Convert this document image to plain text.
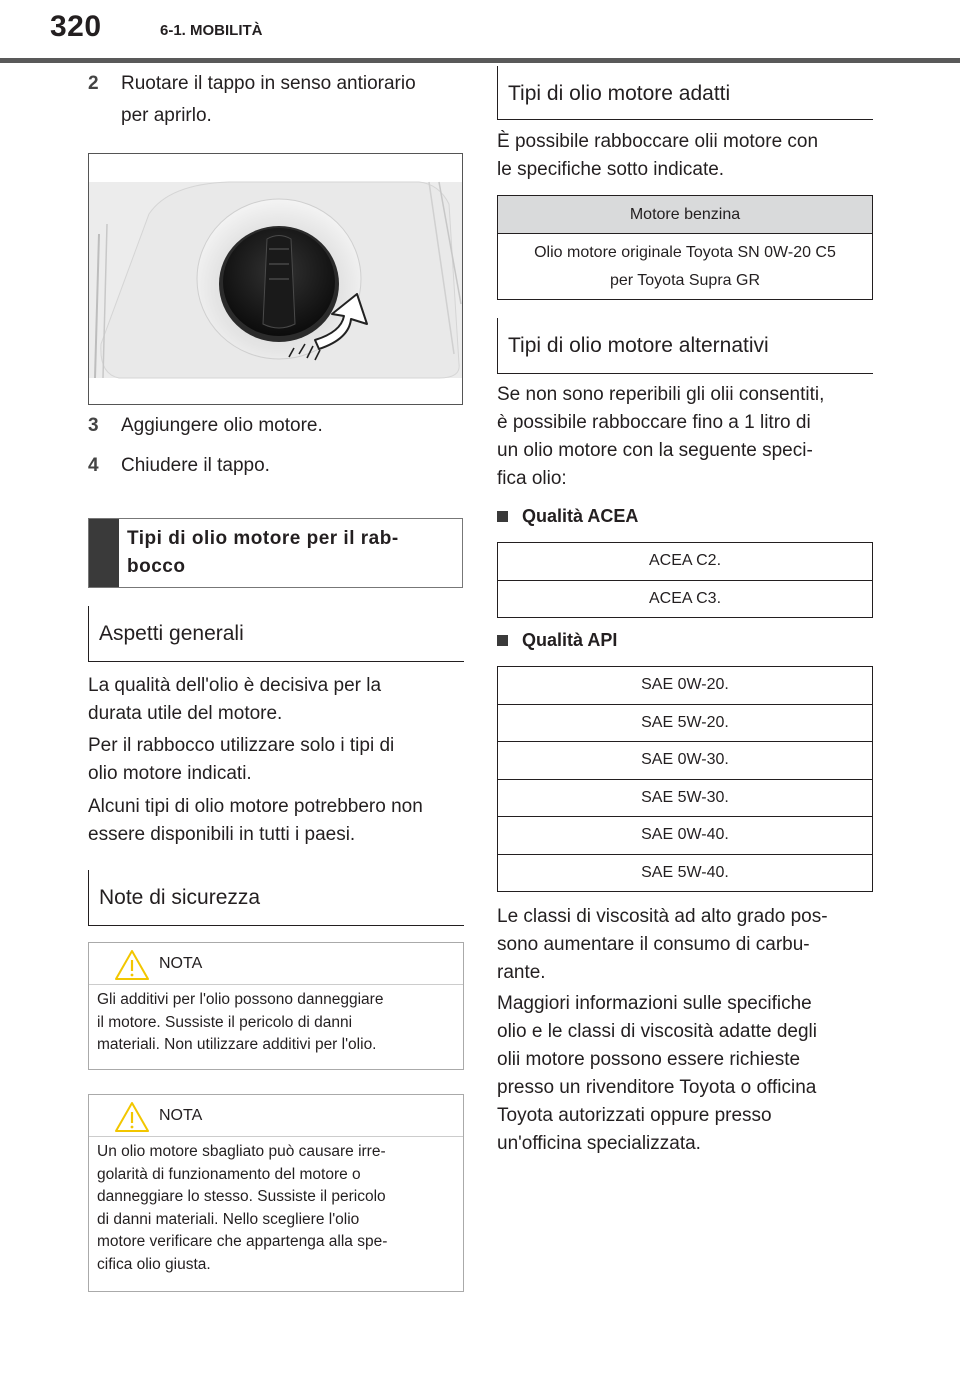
320	6-1. MOBILITÀ
2	Ruotare il tappo in senso antiorario
per aprirlo.
3	Aggiungere olio motore.
4	Chiudere il tappo.
Tipi di olio motore per il rab-
bocco
Aspetti generali
La qualità dell'olio è decisiva per la
durata utile del motore.
Per il rabbocco utilizzare solo i tipi di
olio motore indicati.
Alcuni tipi di olio motore potrebbero non
essere disponibili in tutti i paesi.
Note di sicurezza
NOTA
Gli additivi per l'olio possono danneggiare
il motore. Sussiste il pericolo di danni
materiali. Non utilizzare additivi per l'olio.
NOTA
Un olio motore sbagliato può causare irre-
golarità di funzionamento del motore o
danneggiare lo stesso. Sussiste il pericolo
di danni materiali. Nello scegliere l'olio
motore verificare che appartenga alla spe-
cifica olio giusta.
Tipi di olio motore adatti
È possibile rabboccare olii motore con
le specifiche sotto indicate.
Motore benzina

Olio motore originale Toyota SN 0W-20 C5
per Toyota Supra GR
Tipi di olio motore alternativi
Se non sono reperibili gli olii consentiti,
è possibile rabboccare fino a 1 litro di
un olio motore con la seguente speci-
fica olio:
Qualità ACEA
ACEA C2.
ACEA C3.
Qualità API
SAE 0W-20.
SAE 5W-20.
SAE 0W-30.
SAE 5W-30.
SAE 0W-40.
SAE 5W-40.
Le classi di viscosità ad alto grado pos-
sono aumentare il consumo di carbu-
rante.
Maggiori informazioni sulle specifiche
olio e le classi di viscosità adatte degli
olii motore possono essere richieste
presso un rivenditore Toyota o officina
Toyota autorizzati oppure presso
un'officina specializzata.
